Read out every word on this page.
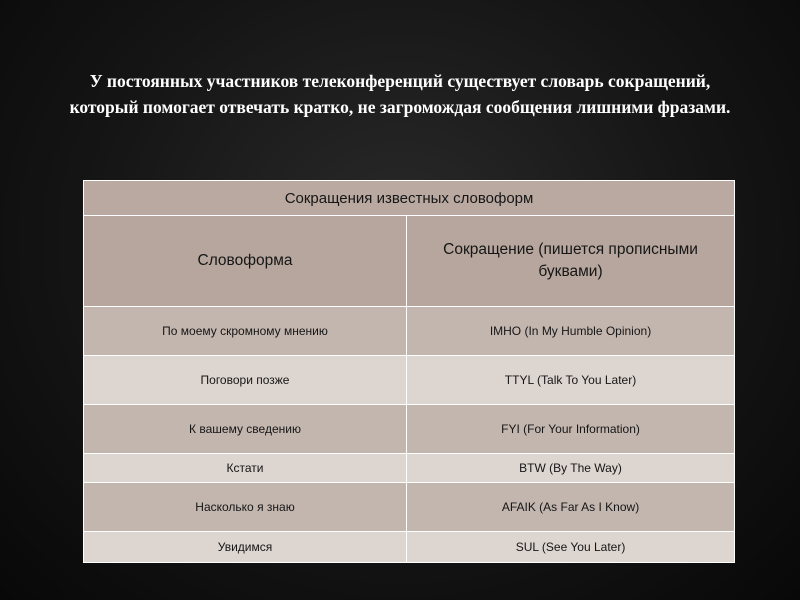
У постоянных участников телеконференций существует словарь сокращений, который помогает отвечать кратко, не загромождая сообщения лишними фразами.

Сокращения известных словоформ	
Словоформа	Сокращение (пишется прописными буквами)
По моему скромному мнению	IMHO (In My Humble Opinion)
Поговори позже	TTYL (Talk To You Later)
К вашему сведению	FYI (For Your Information)
Кстати	BTW (By The Way)
Насколько я знаю	AFAIK (As Far As I Know)
Увидимся	SUL (See You Later)
